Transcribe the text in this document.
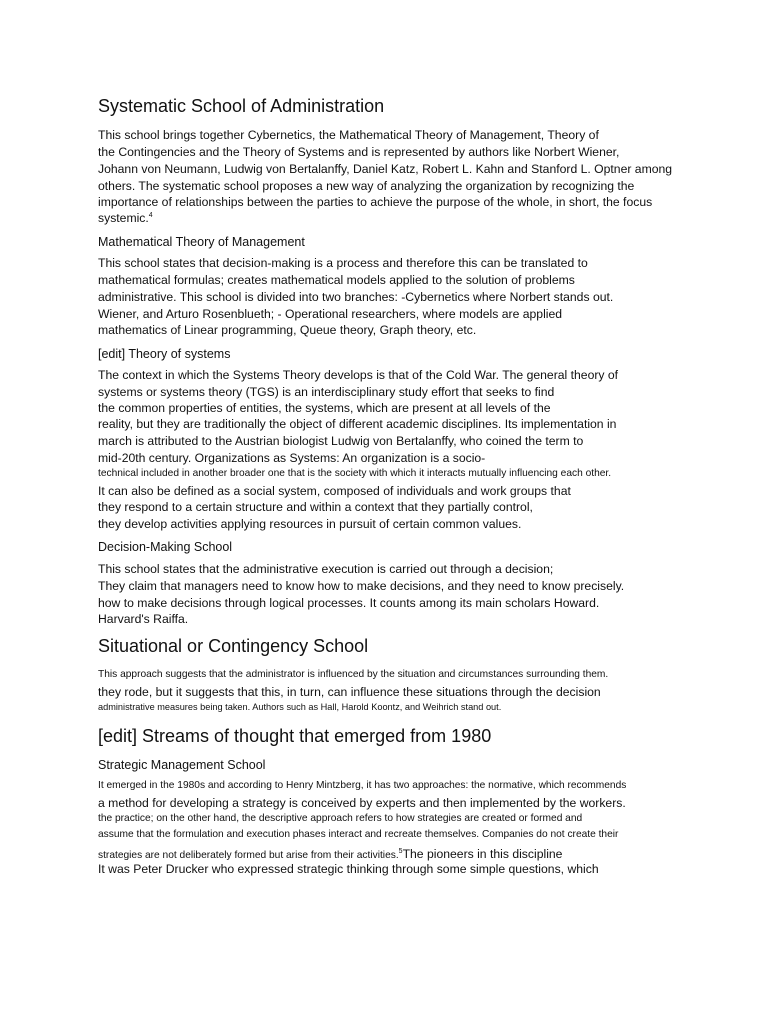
Systematic School of Administration
This school brings together Cybernetics, the Mathematical Theory of Management, Theory of
the Contingencies and the Theory of Systems and is represented by authors like Norbert Wiener,
Johann von Neumann, Ludwig von Bertalanffy, Daniel Katz, Robert L. Kahn and Stanford L. Optner among
others. The systematic school proposes a new way of analyzing the organization by recognizing the
importance of relationships between the parties to achieve the purpose of the whole, in short, the focus
systemic.$^4$
Mathematical Theory of Management
This school states that decision-making is a process and therefore this can be translated to
mathematical formulas; creates mathematical models applied to the solution of problems
administrative. This school is divided into two branches: -Cybernetics where Norbert stands out.
Wiener, and Arturo Rosenblueth; - Operational researchers, where models are applied
mathematics of Linear programming, Queue theory, Graph theory, etc.
[edit] Theory of systems
The context in which the Systems Theory develops is that of the Cold War. The general theory of
systems or systems theory (TGS) is an interdisciplinary study effort that seeks to find
the common properties of entities, the systems, which are present at all levels of the
reality, but they are traditionally the object of different academic disciplines. Its implementation in
march is attributed to the Austrian biologist Ludwig von Bertalanffy, who coined the term to
mid-20th century. Organizations as Systems: An organization is a socio-
technical included in another broader one that is the society with which it interacts mutually influencing each other.
It can also be defined as a social system, composed of individuals and work groups that
they respond to a certain structure and within a context that they partially control,
they develop activities applying resources in pursuit of certain common values.
Decision-Making School
This school states that the administrative execution is carried out through a decision;
They claim that managers need to know how to make decisions, and they need to know precisely.
how to make decisions through logical processes. It counts among its main scholars Howard.
Harvard's Raiffa.
Situational or Contingency School
This approach suggests that the administrator is influenced by the situation and circumstances surrounding them.
they rode, but it suggests that this, in turn, can influence these situations through the decision
administrative measures being taken. Authors such as Hall, Harold Koontz, and Weihrich stand out.
[edit] Streams of thought that emerged from 1980
Strategic Management School
It emerged in the 1980s and according to Henry Mintzberg, it has two approaches: the normative, which recommends
a method for developing a strategy is conceived by experts and then implemented by the workers.
the practice; on the other hand, the descriptive approach refers to how strategies are created or formed and
assume that the formulation and execution phases interact and recreate themselves. Companies do not create their
strategies are not deliberately formed but arise from their activities.$^5$The pioneers in this discipline
It was Peter Drucker who expressed strategic thinking through some simple questions, which
